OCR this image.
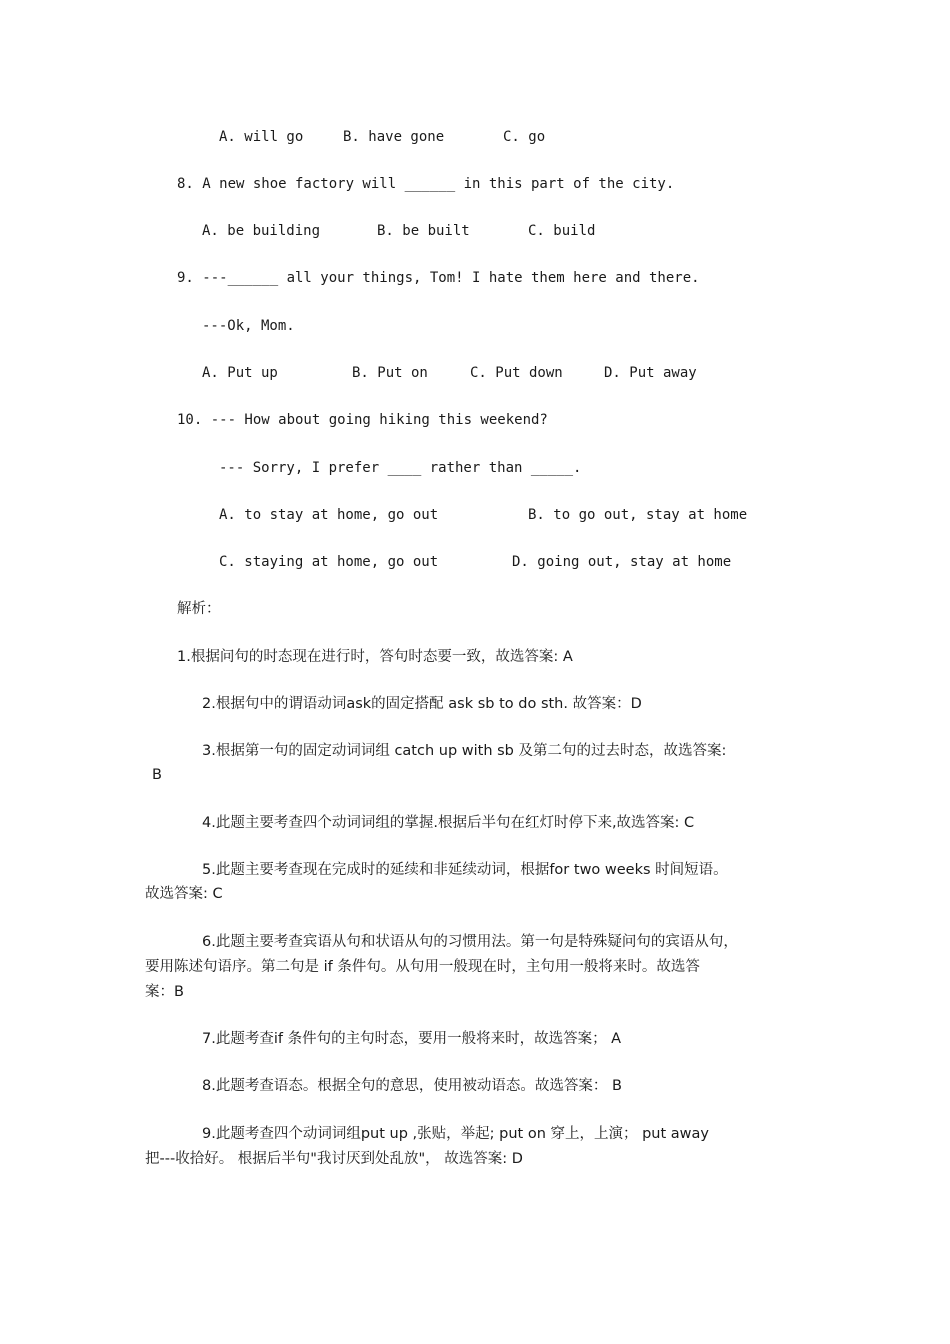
A. will go	B. have gone	C. go
8. A new shoe factory will ______ in this part of the city.
A. be building	B. be built	C. build
9. ---______ all your things, Tom! I hate them here and there.
---Ok, Mom.
A. Put up	B. Put on	C. Put down	D. Put away
10. --- How about going hiking this weekend?
--- Sorry, I prefer ____ rather than _____.
A. to stay at home, go out	B. to go out, stay at home
C. staying at home, go out	D. going out, stay at home
解析：
1.根据问句的时态现在进行时，答句时态要一致，故选答案: A
2.根据句中的谓语动词ask的固定搭配 ask sb to do sth. 故答案：D
3.根据第一句的固定动词词组 catch up with sb 及第二句的过去时态，故选答案:
B
4.此题主要考查四个动词词组的掌握.根据后半句在红灯时停下来,故选答案: C
5.此题主要考查现在完成时的延续和非延续动词，根据for two weeks 时间短语。
故选答案: C
6.此题主要考查宾语从句和状语从句的习惯用法。第一句是特殊疑问句的宾语从句，
要用陈述句语序。第二句是 if 条件句。从句用一般现在时，主句用一般将来时。故选答
案：B
7.此题考查if 条件句的主句时态，要用一般将来时，故选答案； A
8.此题考查语态。根据全句的意思，使用被动语态。故选答案： B
9.此题考查四个动词词组put up ,张贴，举起; put on 穿上，上演； put away
把---收拾好。 根据后半句"我讨厌到处乱放"， 故选答案: D
